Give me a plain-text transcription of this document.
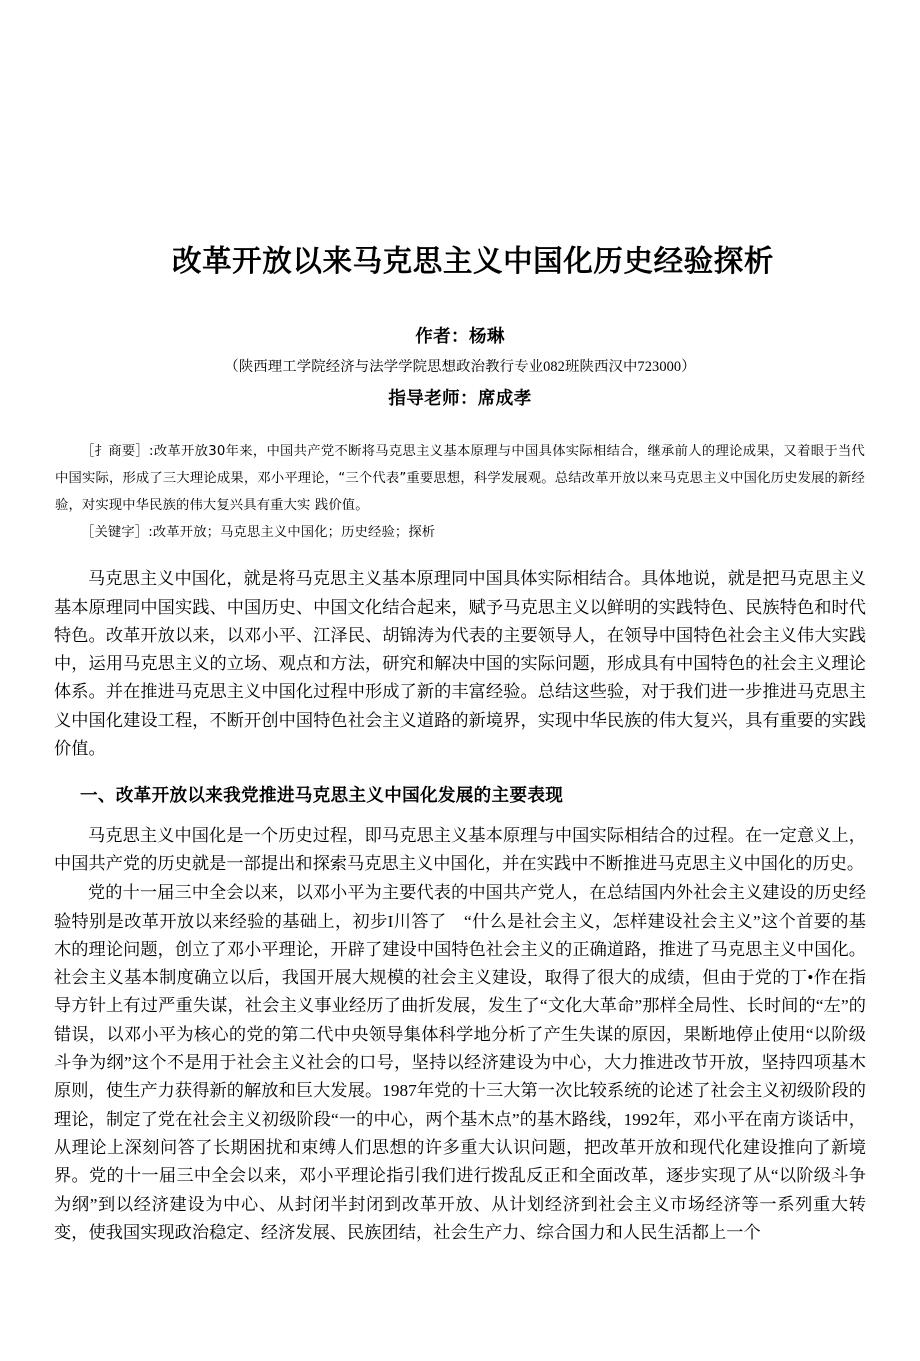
改革开放以来马克思主义中国化历史经验探析
作者：杨琳
（陕西理工学院经济与法学学院思想政治教行专业082班陕西汉中723000）
指导老师：席成孝

［扌商要］:改革开放30年来，中国共产党不断将马克思主义基本原理与中国具体实际相结合，继承前人的理论成果，又着眼于当代中国实际，形成了三大理论成果，邓小平理论，“三个代表”重要思想，科学发展观。总结改革开放以来马克思主义中国化历史发展的新经验，对实现中华民族的伟大复兴具有重大实 践价值。

［关键字］:改革开放；马克思主义中国化；历史经验；探析

马克思主义中国化，就是将马克思主义基本原理同中国具体实际相结合。具体地说，就是把马克思主义基本原理同中国实践、中国历史、中国文化结合起来，赋予马克思主义以鲜明的实践特色、民族特色和时代特色。改革开放以来，以邓小平、江泽民、胡锦涛为代表的主要领导人，在领导中国特色社会主义伟大实践中，运用马克思主义的立场、观点和方法，研究和解决中国的实际问题，形成具有中国特色的社会主义理论体系。并在推进马克思主义中国化过程中形成了新的丰富经验。总结这些验，对于我们进一步推进马克思主义中国化建设工程，不断开创中国特色社会主义道路的新境界，实现中华民族的伟大复兴，具有重要的实践价值。

一、改革开放以来我党推进马克思主义中国化发展的主要表现

马克思主义中国化是一个历史过程，即马克思主义基本原理与中国实际相结合的过程。在一定意义上，中国共产党的历史就是一部提出和探索马克思主义中国化，并在实践中不断推进马克思主义中国化的历史。

党的十一届三中全会以来，以邓小平为主要代表的中国共产党人，在总结国内外社会主义建设的历史经验特别是改革开放以来经验的基础上，初步I川答了　“什么是社会主义，怎样建设社会主义”这个首要的基木的理论问题，创立了邓小平理论，开辟了建设中国特色社会主义的正确道路，推进了马克思主义中国化。社会主义基本制度确立以后，我国开展大规模的社会主义建设，取得了很大的成绩，但由于党的丁•作在指导方针上有过严重失谋，社会主义事业经历了曲折发展，发生了“文化大革命”那样全局性、长时间的“左”的错误，以邓小平为核心的党的第二代中央领导集体科学地分析了产生失谋的原因，果断地停止使用“以阶级斗争为纲”这个不是用于社会主义社会的口号，坚持以经济建设为中心，大力推进改节开放，坚持四项基木原则，使生产力获得新的解放和巨大发展。1987年党的十三大第一次比较系统的论述了社会主义初级阶段的理论，制定了党在社会主义初级阶段“一的中心，两个基木点”的基木路线，1992年，邓小平在南方谈话中，从理论上深刻问答了长期困扰和束缚人们思想的许多重大认识问题，把改革开放和现代化建设推向了新境界。党的十一届三中全会以来，邓小平理论指引我们进行拨乱反正和全面改革，逐步实现了从“以阶级斗争为纲”到以经济建设为中心、从封闭半封闭到改革开放、从计划经济到社会主义市场经济等一系列重大转变，使我国实现政治稳定、经济发展、民族团结，社会生产力、综合国力和人民生活都上一个
